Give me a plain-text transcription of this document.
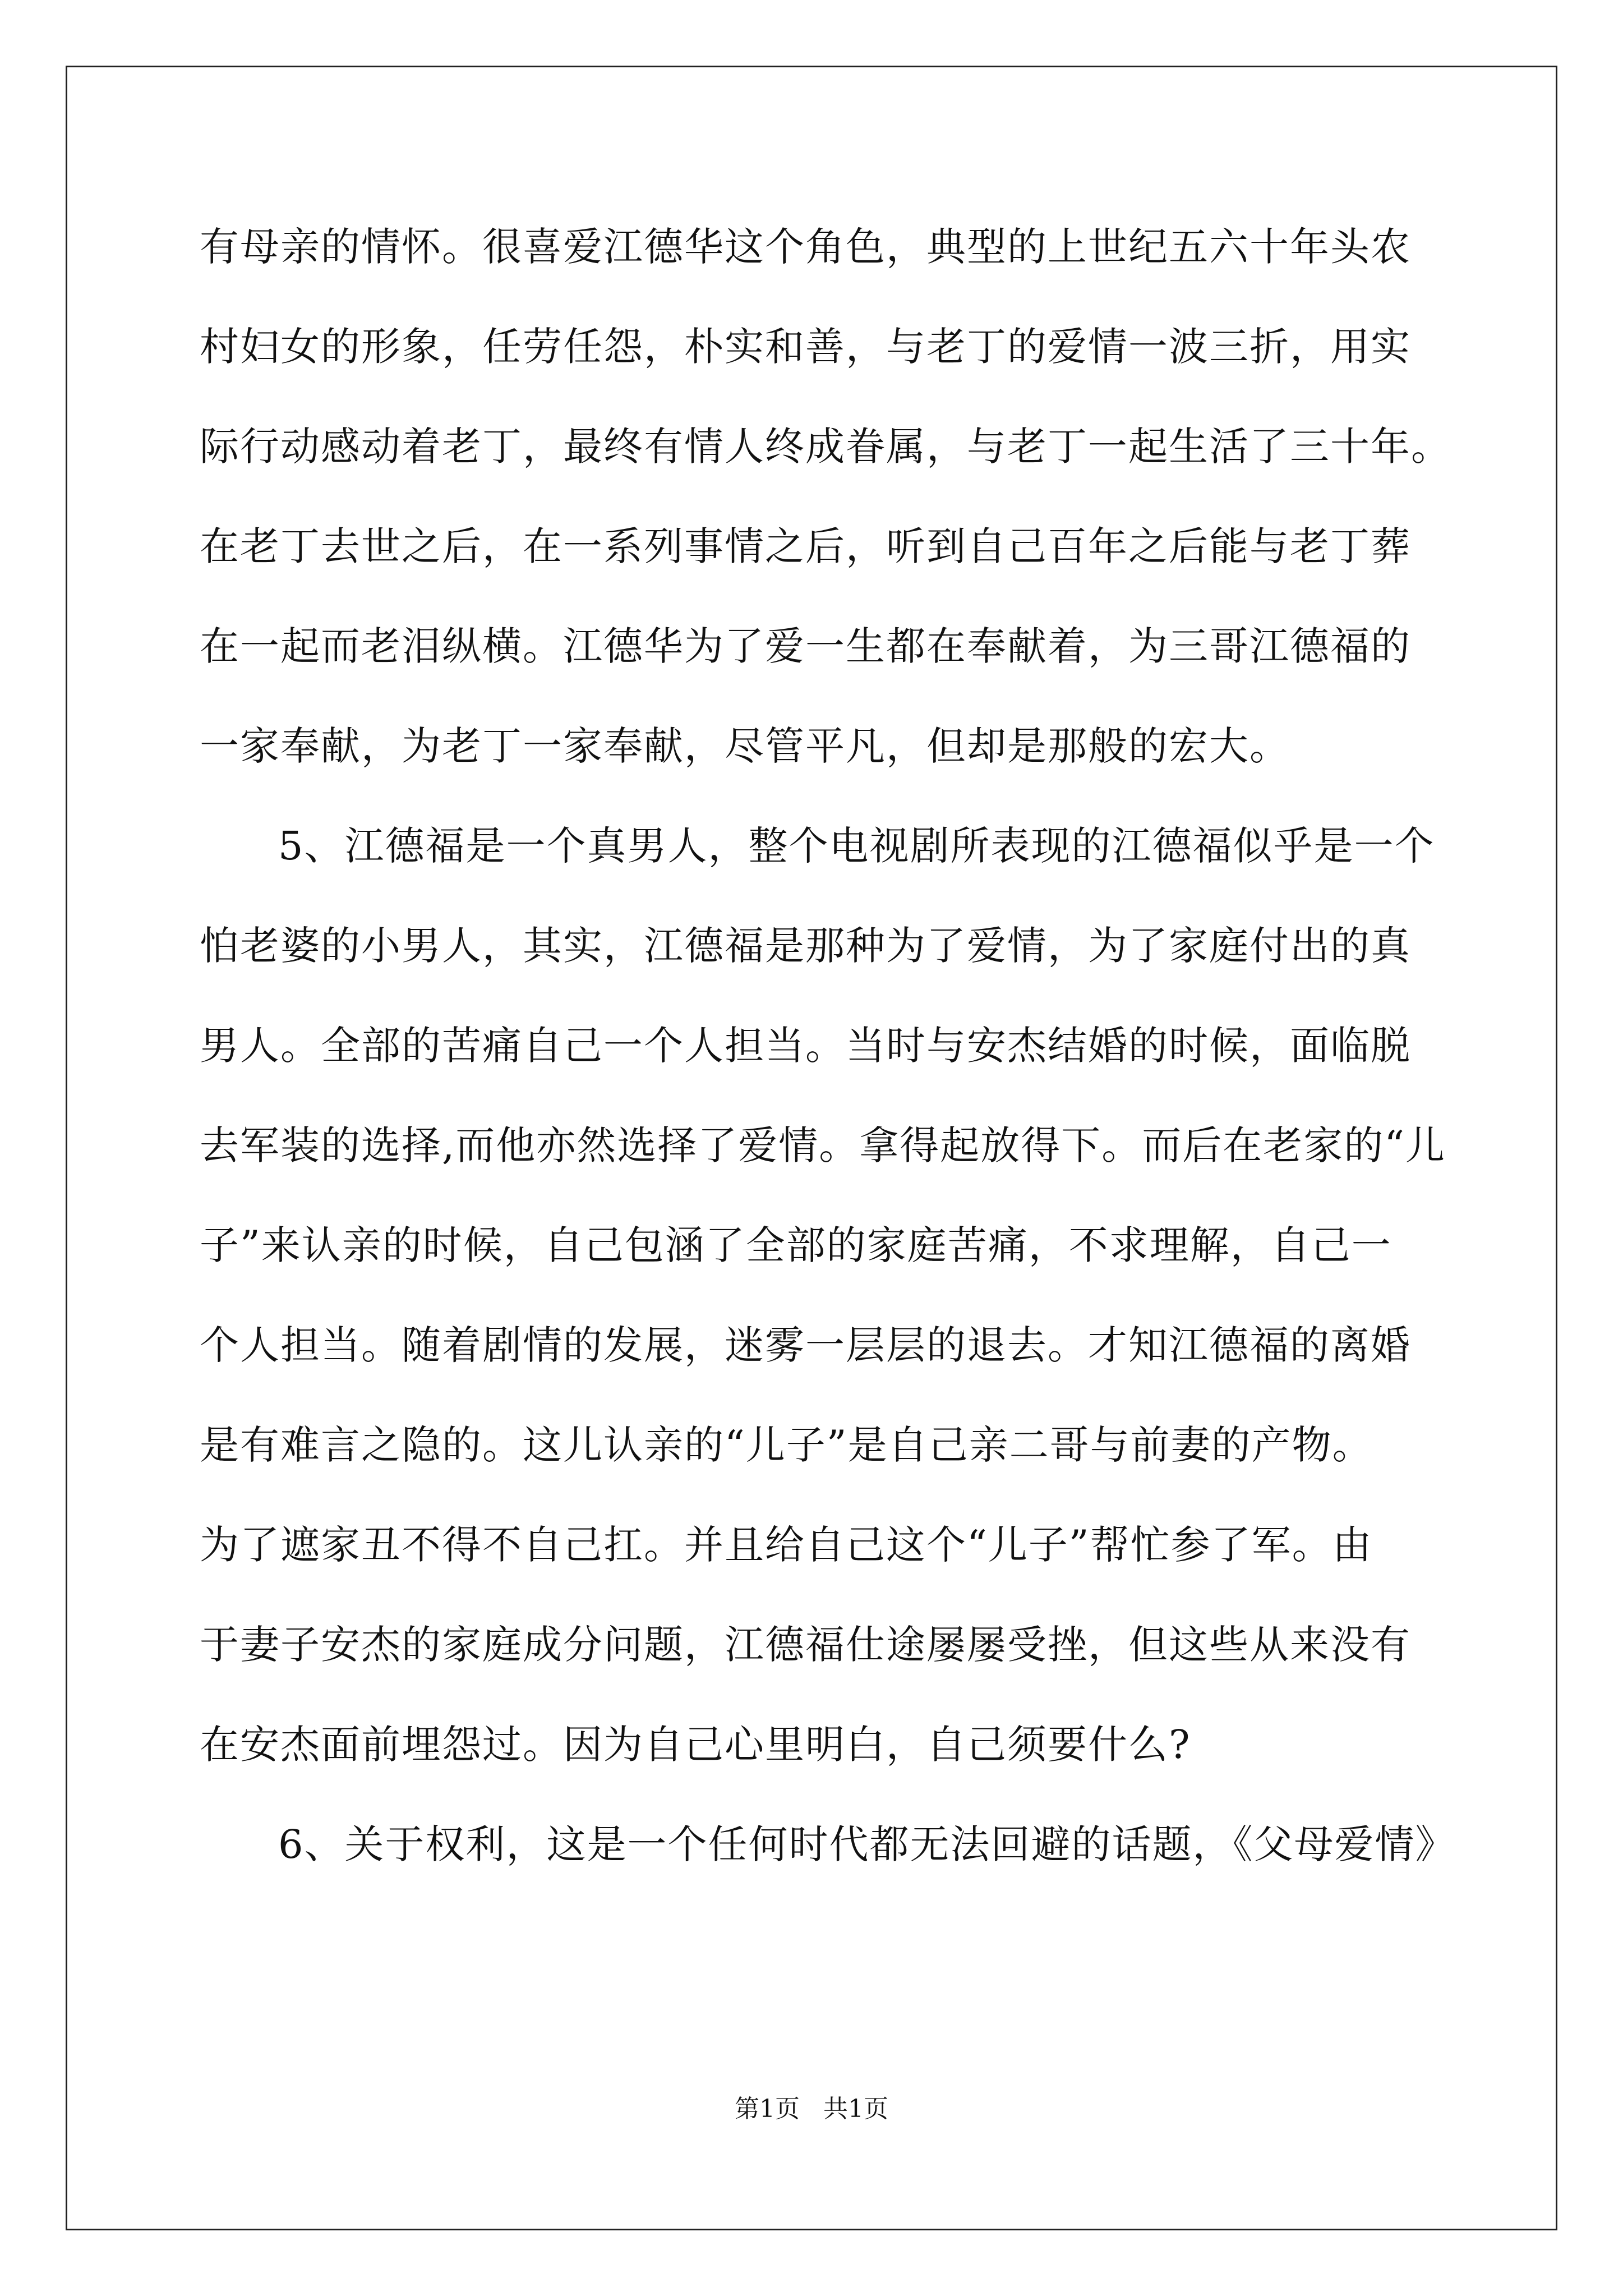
有母亲的情怀。很喜爱江德华这个角色，典型的上世纪五六十年头农
村妇女的形象，任劳任怨，朴实和善，与老丁的爱情一波三折，用实
际行动感动着老丁，最终有情人终成眷属，与老丁一起生活了三十年。
在老丁去世之后，在一系列事情之后，听到自己百年之后能与老丁葬
在一起而老泪纵横。江德华为了爱一生都在奉献着，为三哥江德福的
一家奉献，为老丁一家奉献，尽管平凡，但却是那般的宏大。
5、江德福是一个真男人，整个电视剧所表现的江德福似乎是一个
怕老婆的小男人，其实，江德福是那种为了爱情，为了家庭付出的真
男人。全部的苦痛自己一个人担当。当时与安杰结婚的时候，面临脱
去军装的选择,而他亦然选择了爱情。拿得起放得下。而后在老家的“儿
子”来认亲的时候，自己包涵了全部的家庭苦痛，不求理解，自己一
个人担当。随着剧情的发展，迷雾一层层的退去。才知江德福的离婚
是有难言之隐的。这儿认亲的“儿子”是自己亲二哥与前妻的产物。
为了遮家丑不得不自己扛。并且给自己这个“儿子”帮忙参了军。由
于妻子安杰的家庭成分问题，江德福仕途屡屡受挫，但这些从来没有
在安杰面前埋怨过。因为自己心里明白，自己须要什么?
6、关于权利，这是一个任何时代都无法回避的话题，《父母爱情》
第1页   共1页
